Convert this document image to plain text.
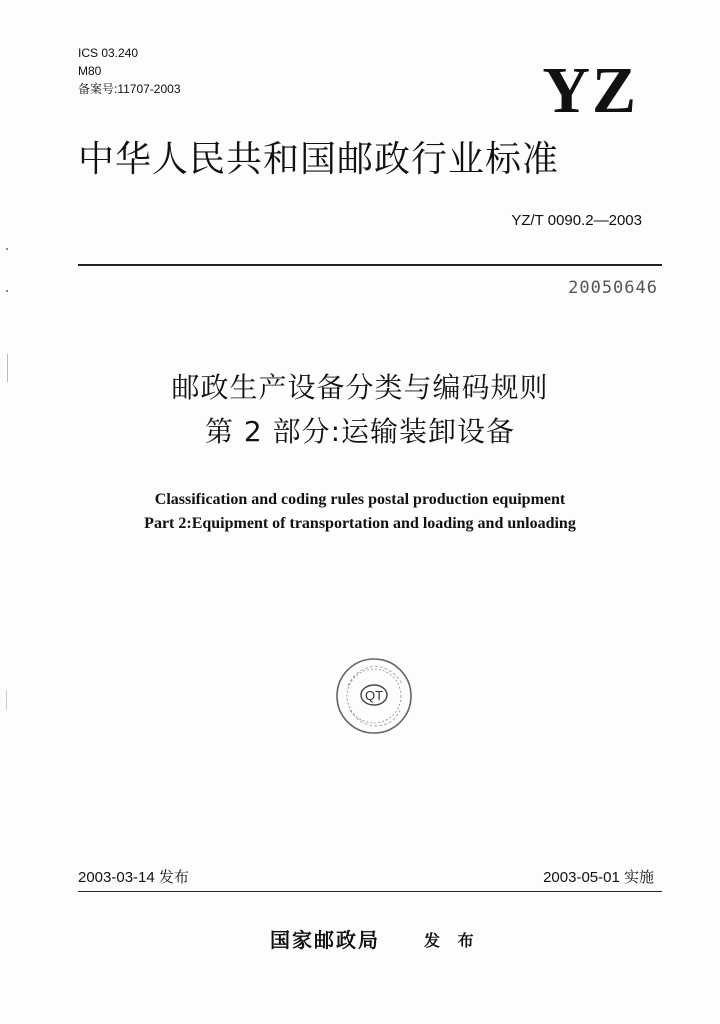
ICS 03.240
M80
备案号:11707-2003	YZ
中华人民共和国邮政行业标准
YZ/T 0090.2—2003
20050646
邮政生产设备分类与编码规则
第 2 部分:运输装卸设备
Classification and coding rules postal production equipment
Part 2:Equipment of transportation and loading and unloading
QT
2003-03-14 发布	2003-05-01 实施
国家邮政局	发 布
